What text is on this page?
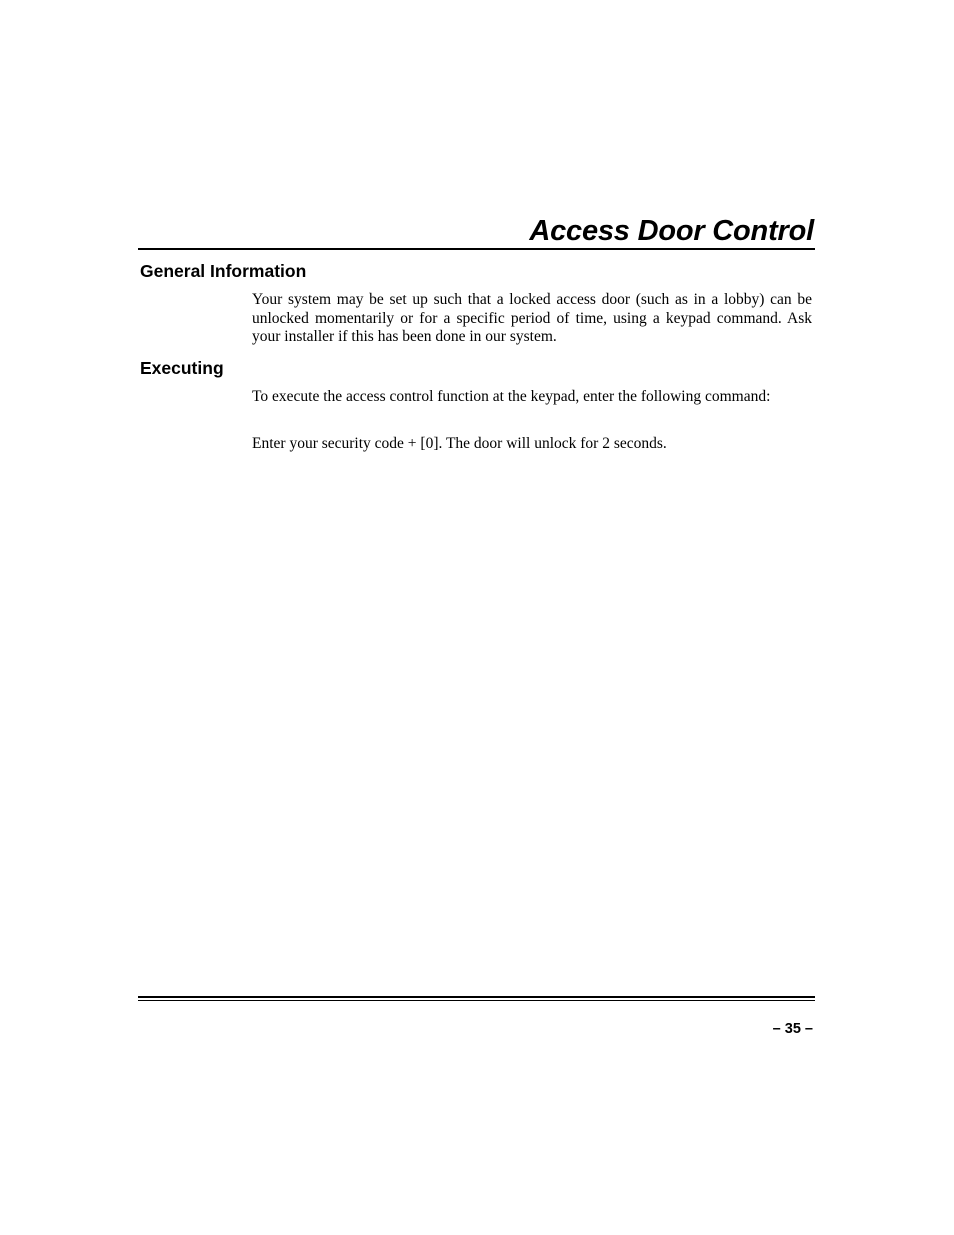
Access Door Control
General Information

Your system may be set up such that a locked access door (such as in a lobby) can be unlocked momentarily or for a specific period of time, using a keypad command. Ask your installer if this has been done in our system.

Executing

To execute the access control function at the keypad, enter the following command:

Enter your security code + [0]. The door will unlock for 2 seconds.

– 35 –
